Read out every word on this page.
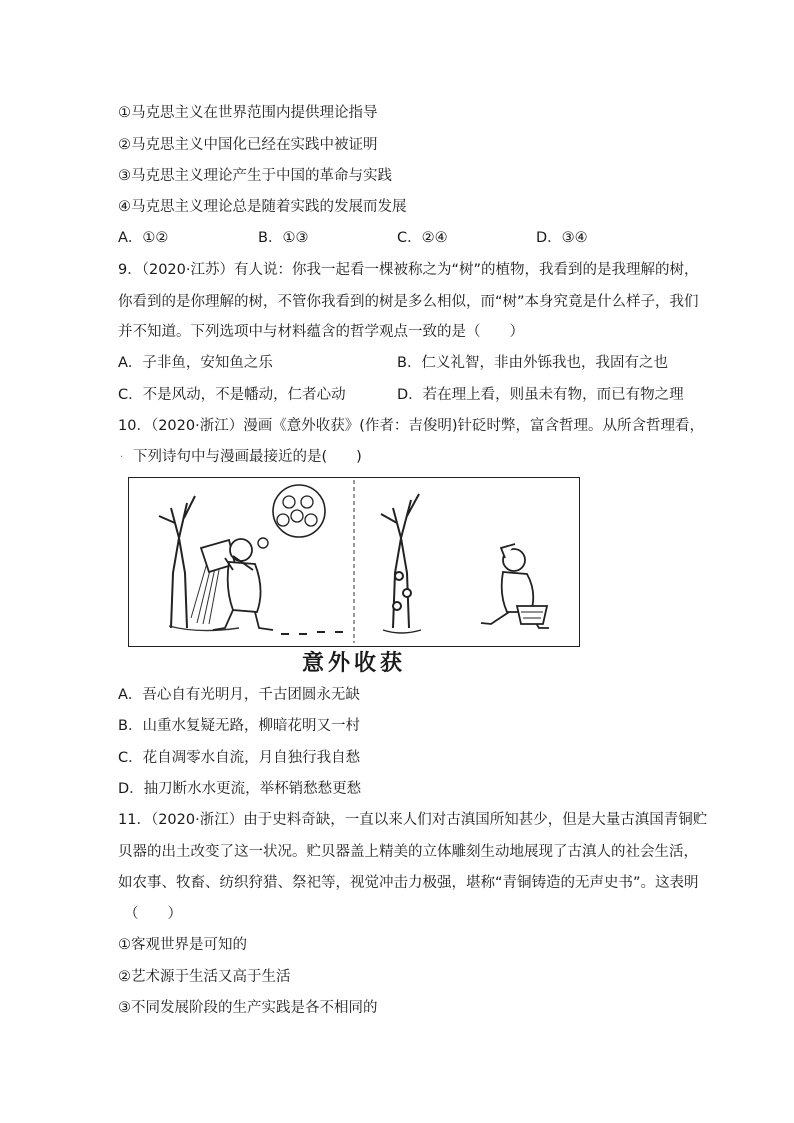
①马克思主义在世界范围内提供理论指导
②马克思主义中国化已经在实践中被证明
③马克思主义理论产生于中国的革命与实践
④马克思主义理论总是随着实践的发展而发展
A．①②	B．①③	C．②④	D．③④
9．（2020·江苏）有人说：你我一起看一棵被称之为“树”的植物，我看到的是我理解的树，
你看到的是你理解的树，不管你我看到的树是多么相似，而“树”本身究竟是什么样子，我们
并不知道。下列选项中与材料蕴含的哲学观点一致的是（　　）
A．子非鱼，安知鱼之乐	B．仁义礼智，非由外铄我也，我固有之也
C．不是风动，不是幡动，仁者心动	D．若在理上看，则虽未有物，而已有物之理
10．（2020·浙江）漫画《意外收获》(作者：吉俊明)针砭时弊，富含哲理。从所含哲理看，
· 下列诗句中与漫画最接近的是(　　)
意外收获
A．吾心自有光明月，千古团圆永无缺
B．山重水复疑无路，柳暗花明又一村
C．花自凋零水自流，月自独行我自愁
D．抽刀断水水更流，举杯销愁愁更愁
11．（2020·浙江）由于史料奇缺，一直以来人们对古滇国所知甚少，但是大量古滇国青铜贮
贝器的出土改变了这一状况。贮贝器盖上精美的立体雕刻生动地展现了古滇人的社会生活，
如农事、牧畜、纺织狩猎、祭祀等，视觉冲击力极强，堪称“青铜铸造的无声史书”。这表明
（　　）
①客观世界是可知的
②艺术源于生活又高于生活
③不同发展阶段的生产实践是各不相同的
